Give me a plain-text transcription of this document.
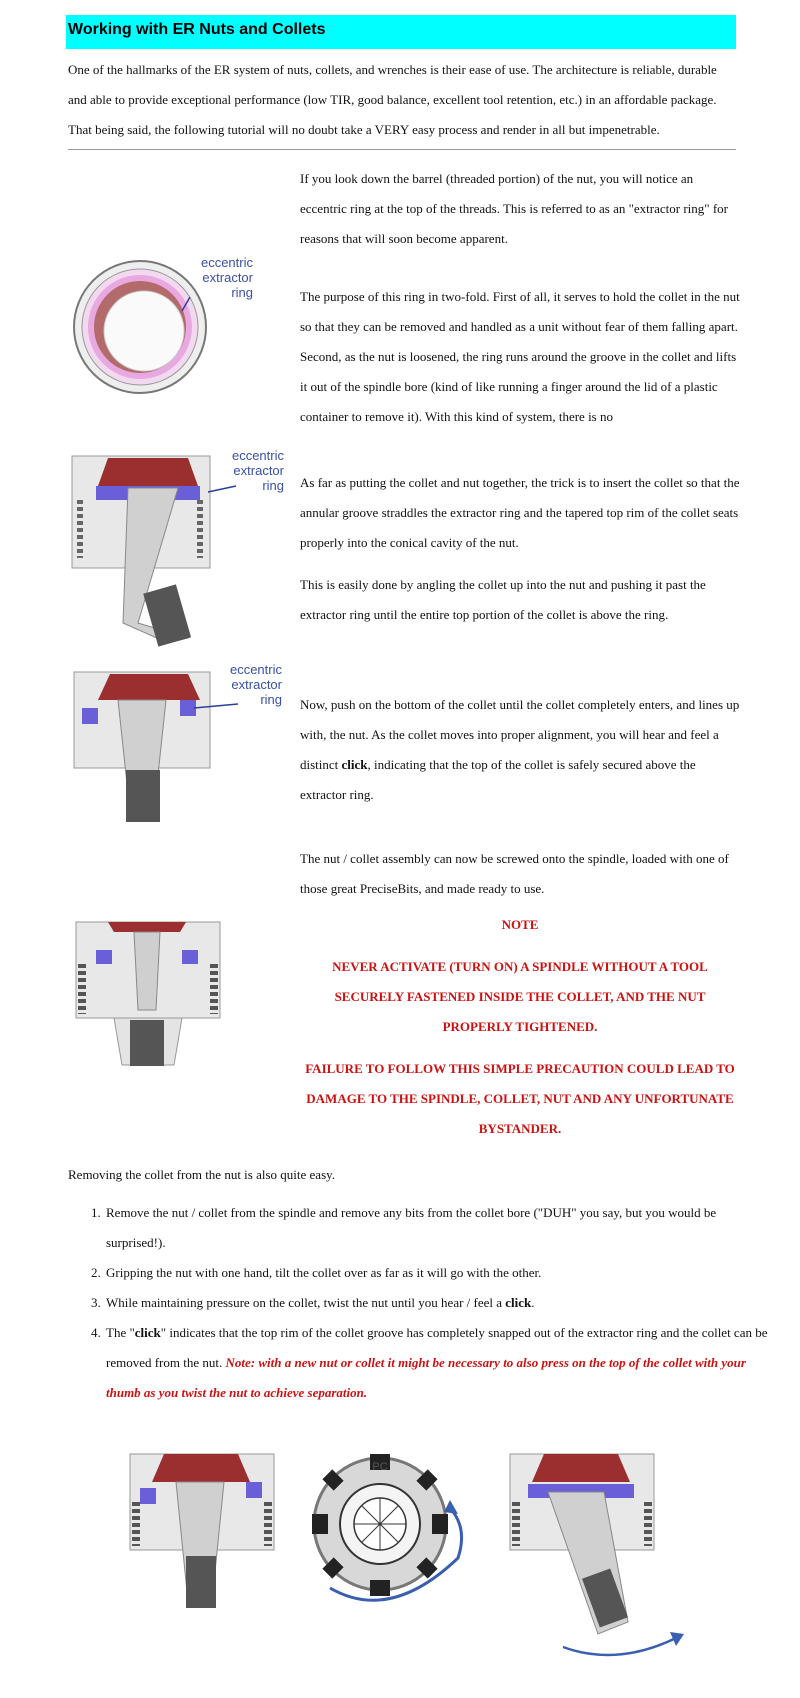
Working with ER Nuts and Collets
One of the hallmarks of the ER system of nuts, collets, and wrenches is their ease of use. The architecture is reliable, durable and able to provide exceptional performance (low TIR, good balance, excellent tool retention, etc.) in an affordable package. That being said, the following tutorial will no doubt take a VERY easy process and render in all but impenetrable.
eccentric
extractor
ring

If you look down the barrel (threaded portion) of the nut, you will notice an eccentric ring at the top of the threads. This is referred to as an "extractor ring" for reasons that will soon become apparent.

The purpose of this ring in two-fold. First of all, it serves to hold the collet in the nut so that they can be removed and handled as a unit without fear of them falling apart. Second, as the nut is loosened, the ring runs around the groove in the collet and lifts it out of the spindle bore (kind of like running a finger around the lid of a plastic container to remove it). With this kind of system, there is no

eccentric
extractor
ring As far as putting the collet and nut together, the trick is to insert the collet so that the annular groove straddles the extractor ring and the tapered top rim of the collet seats properly into the conical cavity of the nut.

This is easily done by angling the collet up into the nut and pushing it past the extractor ring until the entire top portion of the collet is above the ring.

eccentric
extractor
ring Now, push on the bottom of the collet until the collet completely enters, and lines up with, the nut. As the collet moves into proper alignment, you will hear and feel a distinct click, indicating that the top of the collet is safely secured above the extractor ring.

The nut / collet assembly can now be screwed onto the spindle, loaded with one of those great PreciseBits, and made ready to use.

NOTE

NEVER ACTIVATE (TURN ON) A SPINDLE WITHOUT A TOOL SECURELY FASTENED INSIDE THE COLLET, AND THE NUT PROPERLY TIGHTENED.

FAILURE TO FOLLOW THIS SIMPLE PRECAUTION COULD LEAD TO DAMAGE TO THE SPINDLE, COLLET, NUT AND ANY UNFORTUNATE BYSTANDER.

Removing the collet from the nut is also quite easy.
1. Remove the nut / collet from the spindle and remove any bits from the collet bore ("DUH" you say, but you would be surprised!).
2. Gripping the nut with one hand, tilt the collet over as far as it will go with the other.
3. While maintaining pressure on the collet, twist the nut until you hear / feel a click.
4. The "click" indicates that the top rim of the collet groove has completely snapped out of the extractor ring and the collet can be removed from the nut. Note: with a new nut or collet it might be necessary to also press on the top of the collet with your thumb as you twist the nut to achieve separation.
PC
